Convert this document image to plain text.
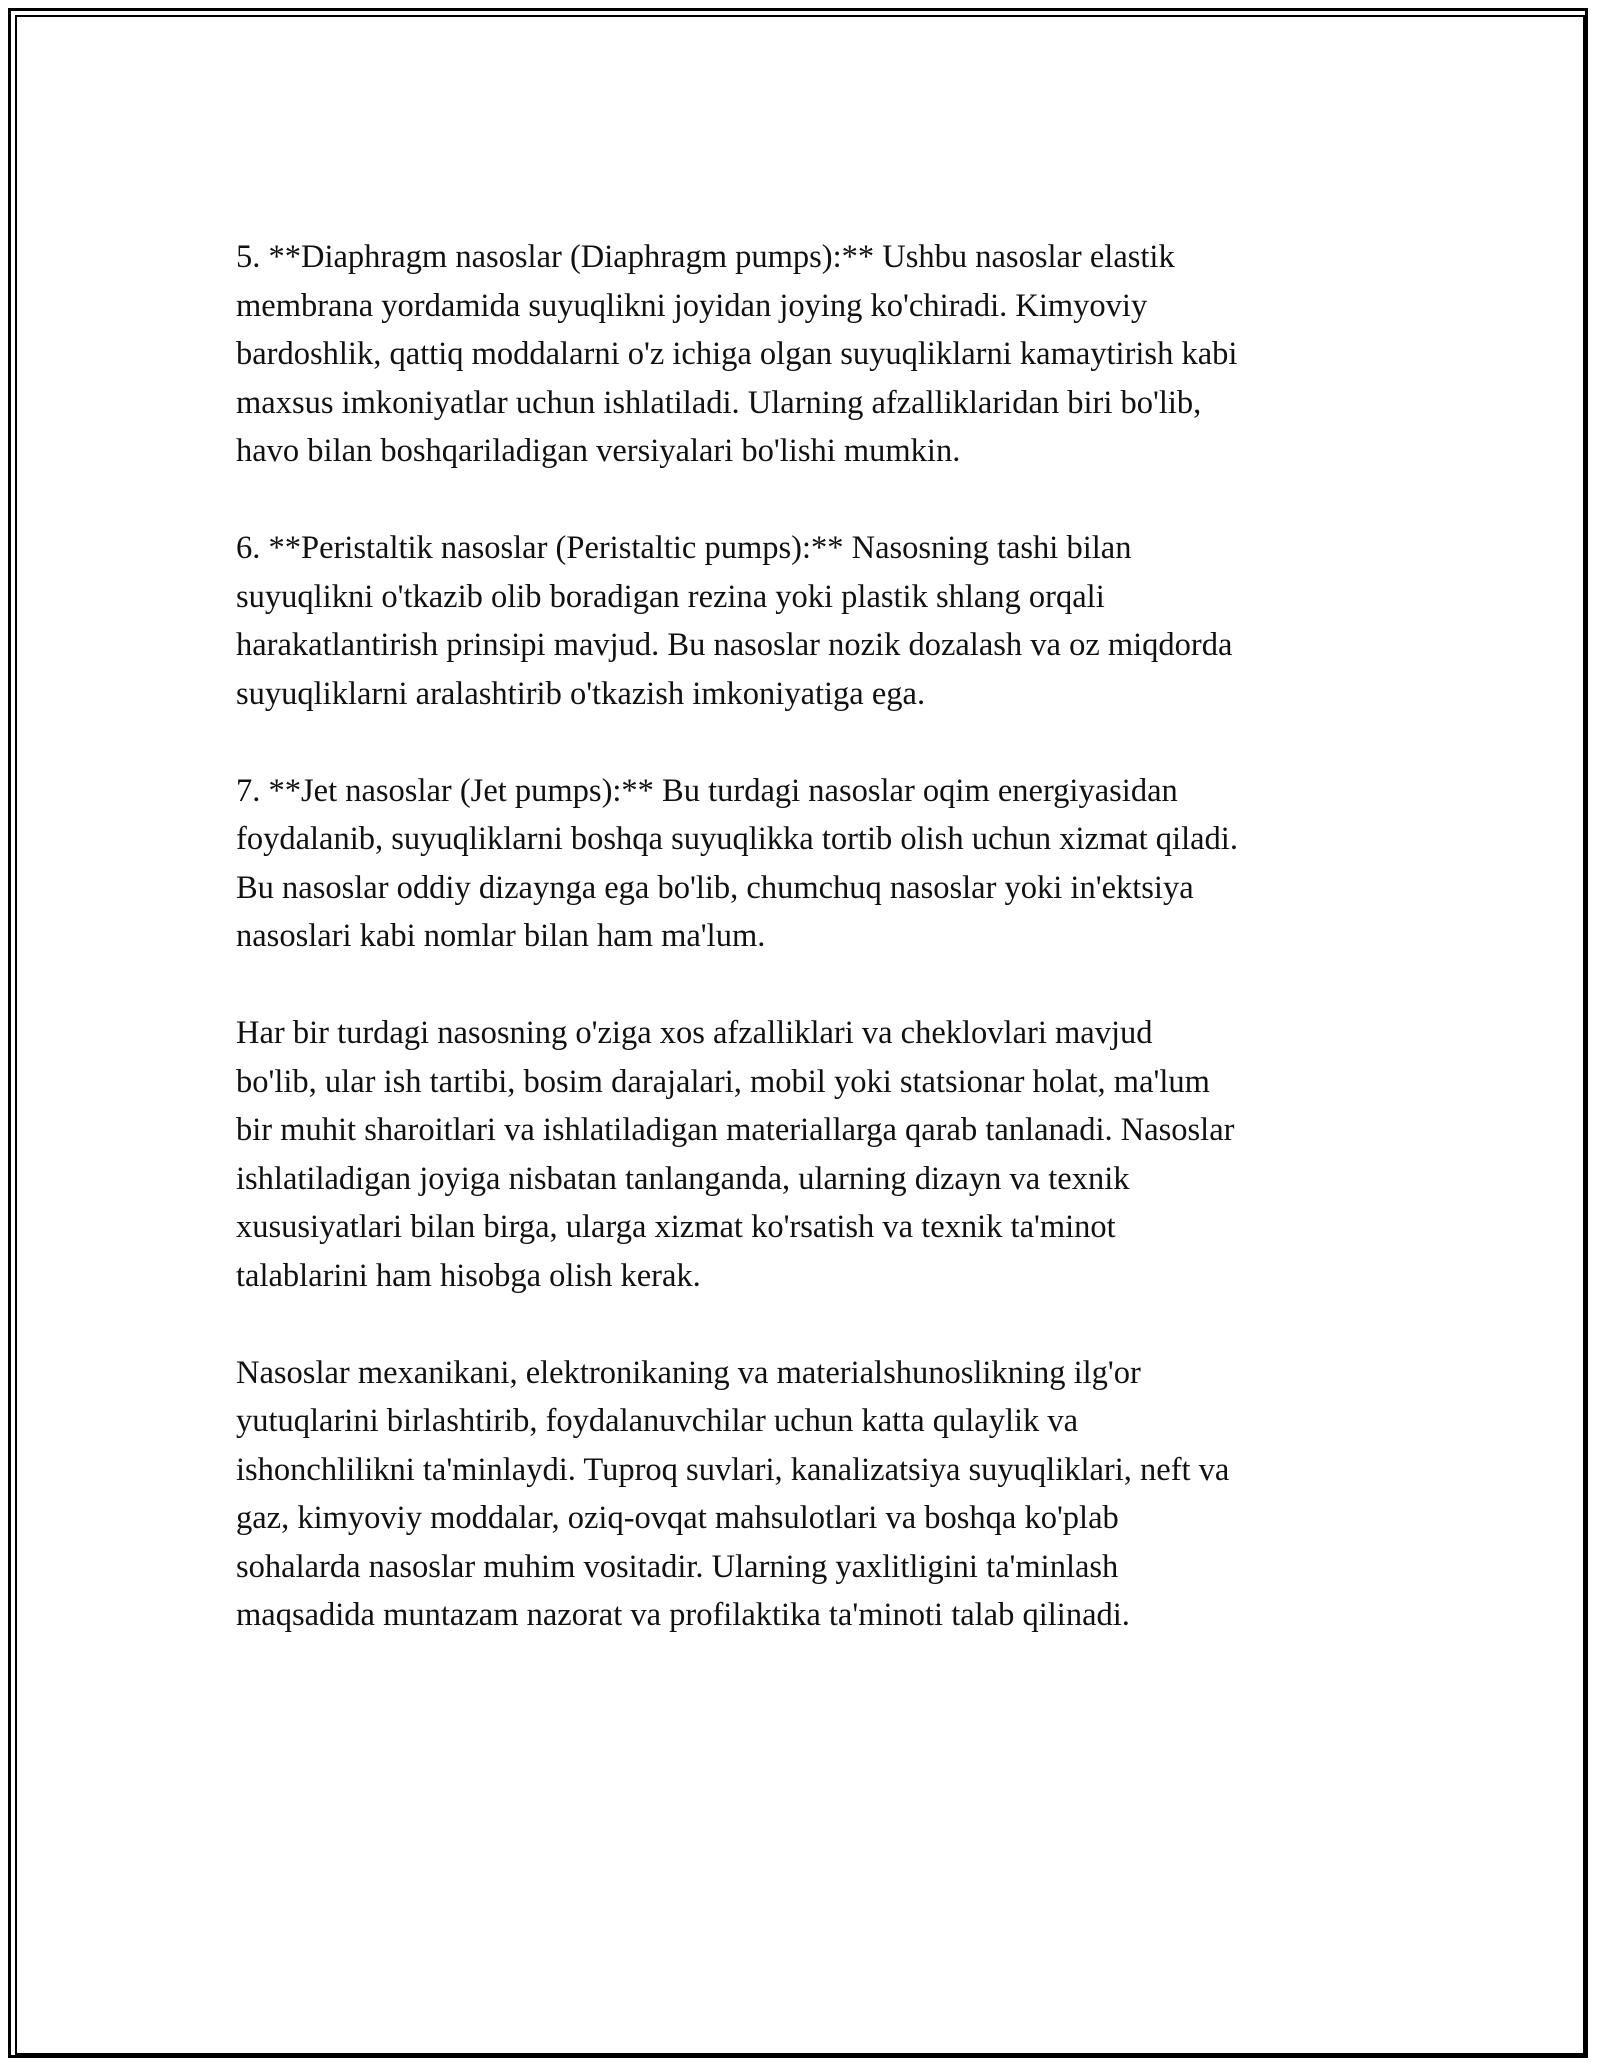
5. **Diaphragm nasoslar (Diaphragm pumps):** Ushbu nasoslar elastik
membrana yordamida suyuqlikni joyidan joying ko'chiradi. Kimyoviy
bardoshlik, qattiq moddalarni o'z ichiga olgan suyuqliklarni kamaytirish kabi
maxsus imkoniyatlar uchun ishlatiladi. Ularning afzalliklaridan biri bo'lib,
havo bilan boshqariladigan versiyalari bo'lishi mumkin.

6. **Peristaltik nasoslar (Peristaltic pumps):** Nasosning tashi bilan
suyuqlikni o'tkazib olib boradigan rezina yoki plastik shlang orqali
harakatlantirish prinsipi mavjud. Bu nasoslar nozik dozalash va oz miqdorda
suyuqliklarni aralashtirib o'tkazish imkoniyatiga ega.

7. **Jet nasoslar (Jet pumps):** Bu turdagi nasoslar oqim energiyasidan
foydalanib, suyuqliklarni boshqa suyuqlikka tortib olish uchun xizmat qiladi.
Bu nasoslar oddiy dizaynga ega bo'lib, chumchuq nasoslar yoki in'ektsiya
nasoslari kabi nomlar bilan ham ma'lum.

Har bir turdagi nasosning o'ziga xos afzalliklari va cheklovlari mavjud
bo'lib, ular ish tartibi, bosim darajalari, mobil yoki statsionar holat, ma'lum
bir muhit sharoitlari va ishlatiladigan materiallarga qarab tanlanadi. Nasoslar
ishlatiladigan joyiga nisbatan tanlanganda, ularning dizayn va texnik
xususiyatlari bilan birga, ularga xizmat ko'rsatish va texnik ta'minot
talablarini ham hisobga olish kerak.

Nasoslar mexanikani, elektronikaning va materialshunoslikning ilg'or
yutuqlarini birlashtirib, foydalanuvchilar uchun katta qulaylik va
ishonchlilikni ta'minlaydi. Tuproq suvlari, kanalizatsiya suyuqliklari, neft va
gaz, kimyoviy moddalar, oziq-ovqat mahsulotlari va boshqa ko'plab
sohalarda nasoslar muhim vositadir. Ularning yaxlitligini ta'minlash
maqsadida muntazam nazorat va profilaktika ta'minoti talab qilinadi.
